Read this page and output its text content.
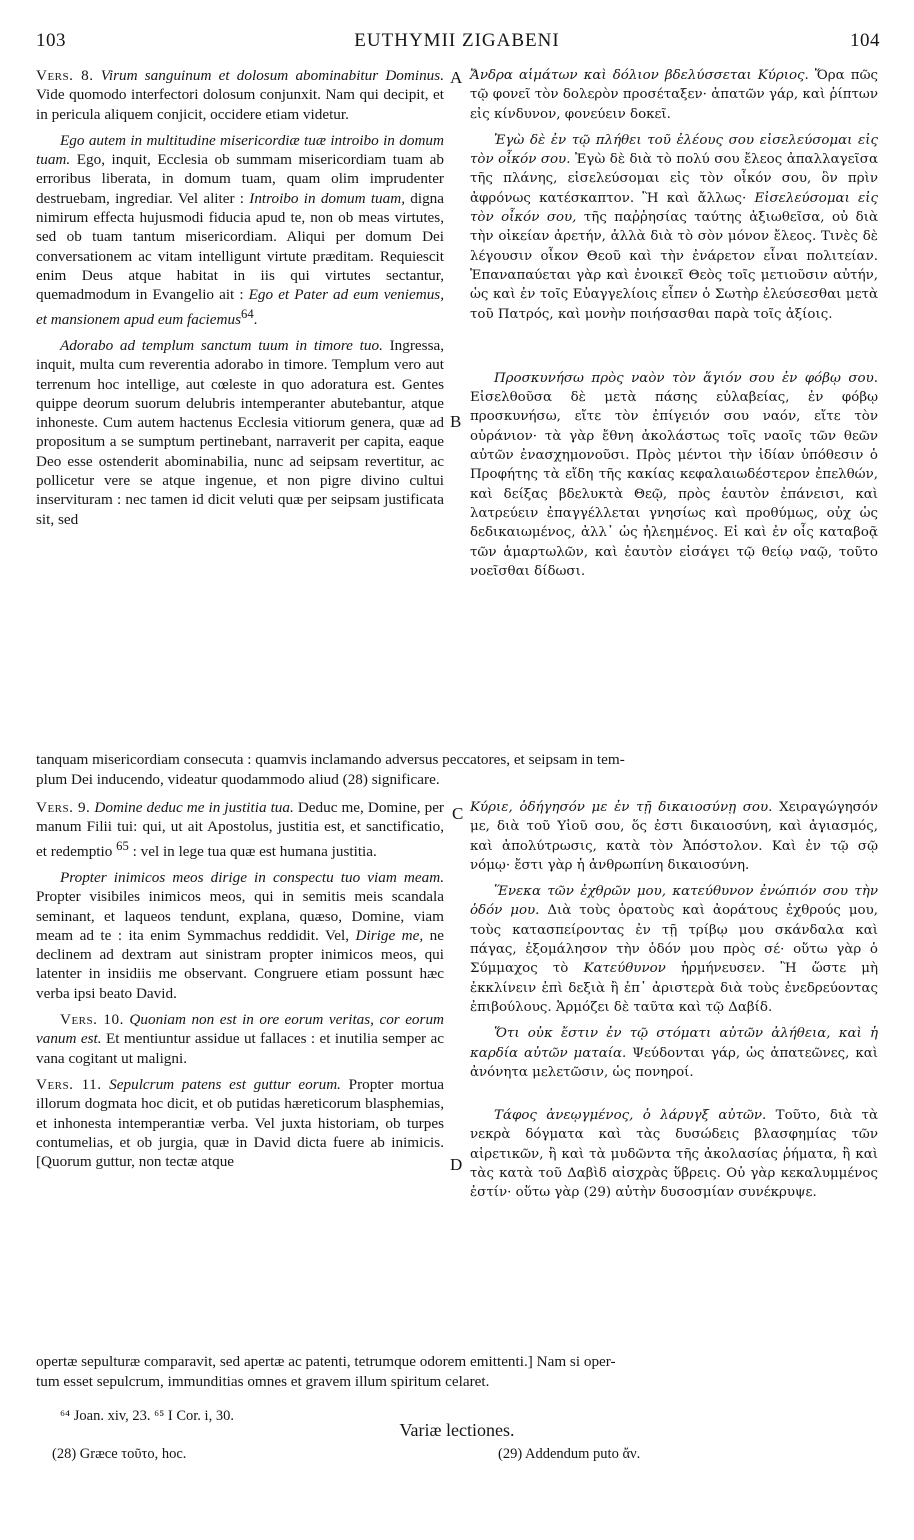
103	EUTHYMII ZIGABENI	104
A
B
C
D

Vers. 8. Virum sanguinum et dolosum abominabitur Dominus. Vide quomodo interfectori dolosum conjunxit. Nam qui decipit, et in pericula aliquem conjicit, occidere etiam videtur.

Ego autem in multitudine misericordiæ tuæ introibo in domum tuam. Ego, inquit, Ecclesia ob summam misericordiam tuam ab erroribus liberata, in domum tuam, quam olim imprudenter destruebam, ingrediar. Vel aliter : Introibo in domum tuam, digna nimirum effecta hujusmodi fiducia apud te, non ob meas virtutes, sed ob tuam tantum misericordiam. Aliqui per domum Dei conversationem ac vitam intelligunt virtute præditam. Requiescit enim Deus atque habitat in iis qui virtutes sectantur, quemadmodum in Evangelio ait : Ego et Pater ad eum veniemus, et mansionem apud eum faciemus$^{64}$.

Adorabo ad templum sanctum tuum in timore tuo. Ingressa, inquit, multa cum reverentia adorabo in timore. Templum vero aut terrenum hoc intellige, aut cœleste in quo adoratura est. Gentes quippe deorum suorum delubris intemperanter abutebantur, atque inhoneste. Cum autem hactenus Ecclesia vitiorum genera, quæ ad propositum a se sumptum pertinebant, narraverit per capita, eaque Deo esse ostenderit abominabilia, nunc ad seipsam revertitur, ac pollicetur vere se atque ingenue, et non pigre divino cultui inservituram : nec tamen id dicit veluti quæ per seipsam justificata sit, sed

Ἄνδρα αἱμάτων καὶ δόλιον βδελύσσεται Κύριος. Ὅρα πῶς τῷ φονεῖ τὸν δολερὸν προσέταξεν· ἀπατῶν γάρ, καὶ ῥίπτων εἰς κίνδυνον, φονεύειν δοκεῖ.

Ἐγὼ δὲ ἐν τῷ πλήθει τοῦ ἐλέους σου εἰσελεύσομαι εἰς τὸν οἶκόν σου. Ἐγὼ δὲ διὰ τὸ πολύ σου ἔλεος ἀπαλλαγεῖσα τῆς πλάνης, εἰσελεύσομαι εἰς τὸν οἶκόν σου, ὃν πρὶν ἀφρόνως κατέσκαπτον. Ἢ καὶ ἄλλως· Εἰσελεύσομαι εἰς τὸν οἶκόν σου, τῆς παῤῥησίας ταύτης ἀξιωθεῖσα, οὐ διὰ τὴν οἰκείαν ἀρετήν, ἀλλὰ διὰ τὸ σὸν μόνον ἔλεος. Τινὲς δὲ λέγουσιν οἶκον Θεοῦ καὶ τὴν ἐνάρετον εἶναι πολιτείαν. Ἐπαναπαύεται γὰρ καὶ ἐνοικεῖ Θεὸς τοῖς μετιοῦσιν αὐτήν, ὡς καὶ ἐν τοῖς Εὐαγγελίοις εἶπεν ὁ Σωτὴρ ἐλεύσεσθαι μετὰ τοῦ Πατρός, καὶ μονὴν ποιήσασθαι παρὰ τοῖς ἀξίοις.

Προσκυνήσω πρὸς ναὸν τὸν ἅγιόν σου ἐν φόβῳ σου. Εἰσελθοῦσα δὲ μετὰ πάσης εὐλαβείας, ἐν φόβῳ προσκυνήσω, εἴτε τὸν ἐπίγειόν σου ναόν, εἴτε τὸν οὐράνιον· τὰ γὰρ ἔθνη ἀκολάστως τοῖς ναοῖς τῶν θεῶν αὐτῶν ἐνασχημονοῦσι. Πρὸς μέντοι τὴν ἰδίαν ὑπόθεσιν ὁ Προφήτης τὰ εἴδη τῆς κακίας κεφαλαιωδέστερον ἐπελθών, καὶ δείξας βδελυκτὰ Θεῷ, πρὸς ἑαυτὸν ἐπάνεισι, καὶ λατρεύειν ἐπαγγέλλεται γνησίως καὶ προθύμως, οὐχ ὡς δεδικαιωμένος, ἀλλ᾽ ὡς ἠλεημένος. Εἰ καὶ ἐν οἷς καταβοᾷ τῶν ἁμαρτωλῶν, καὶ ἑαυτὸν εἰσάγει τῷ θείῳ ναῷ, τοῦτο νοεῖσθαι δίδωσι.

tanquam misericordiam consecuta : quamvis inclamando adversus peccatores, et seipsam in tem-
plum Dei inducendo, videatur quodammodo aliud (28) significare.

Vers. 9. Domine deduc me in justitia tua. Deduc me, Domine, per manum Filii tui: qui, ut ait Apostolus, justitia est, et sanctificatio, et redemptio $^{65}$ : vel in lege tua quæ est humana justitia.

Propter inimicos meos dirige in conspectu tuo viam meam. Propter visibiles inimicos meos, qui in semitis meis scandala seminant, et laqueos tendunt, explana, quæso, Domine, viam meam ad te : ita enim Symmachus reddidit. Vel, Dirige me, ne declinem ad dextram aut sinistram propter inimicos meos, qui latenter in insidiis me observant. Congruere etiam possunt hæc verba ipsi beato David.

Vers. 10. Quoniam non est in ore eorum veritas, cor eorum vanum est. Et mentiuntur assidue ut fallaces : et inutilia semper ac vana cogitant ut maligni.

Vers. 11. Sepulcrum patens est guttur eorum. Propter mortua illorum dogmata hoc dicit, et ob putidas hæreticorum blasphemias, et inhonesta intemperantiæ verba. Vel juxta historiam, ob turpes contumelias, et ob jurgia, quæ in David dicta fuere ab inimicis. [Quorum guttur, non tectæ atque

Κύριε, ὁδήγησόν με ἐν τῇ δικαιοσύνῃ σου. Χειραγώγησόν με, διὰ τοῦ Υἱοῦ σου, ὅς ἐστι δικαιοσύνη, καὶ ἁγιασμός, καὶ ἀπολύτρωσις, κατὰ τὸν Ἀπόστολον. Καὶ ἐν τῷ σῷ νόμῳ· ἔστι γὰρ ἡ ἀνθρωπίνη δικαιοσύνη.

Ἕνεκα τῶν ἐχθρῶν μου, κατεύθυνον ἐνώπιόν σου τὴν ὁδόν μου. Διὰ τοὺς ὁρατοὺς καὶ ἀοράτους ἐχθρούς μου, τοὺς κατασπείροντας ἐν τῇ τρίβῳ μου σκάνδαλα καὶ πάγας, ἐξομάλησον τὴν ὁδόν μου πρὸς σέ· οὕτω γὰρ ὁ Σύμμαχος τὸ Κατεύθυνον ἡρμήνευσεν. Ἢ ὥστε μὴ ἐκκλίνειν ἐπὶ δεξιὰ ἢ ἐπ᾽ ἀριστερὰ διὰ τοὺς ἐνεδρεύοντας ἐπιβούλους. Ἁρμόζει δὲ ταῦτα καὶ τῷ Δαβίδ.

Ὅτι οὐκ ἔστιν ἐν τῷ στόματι αὐτῶν ἀλήθεια, καὶ ἡ καρδία αὐτῶν ματαία. Ψεύδονται γάρ, ὡς ἀπατεῶνες, καὶ ἀνόνητα μελετῶσιν, ὡς πονηροί.

Τάφος ἀνεῳγμένος, ὁ λάρυγξ αὐτῶν. Τοῦτο, διὰ τὰ νεκρὰ δόγματα καὶ τὰς δυσώδεις βλασφημίας τῶν αἱρετικῶν, ἢ καὶ τὰ μυδῶντα τῆς ἀκολασίας ῥήματα, ἢ καὶ τὰς κατὰ τοῦ Δαβὶδ αἰσχρὰς ὕβρεις. Οὐ γὰρ κεκαλυμμένος ἐστίν· οὕτω γὰρ (29) αὐτὴν δυσοσμίαν συνέκρυψε.

opertæ sepulturæ comparavit, sed apertæ ac patenti, tetrumque odorem emittenti.] Nam si oper-
tum esset sepulcrum, immunditias omnes et gravem illum spiritum celaret.
⁶⁴ Joan. xiv, 23. ⁶⁵ I Cor. i, 30.
Variæ lectiones.
(28) Græce τοῦτο, hoc.	(29) Addendum puto ἄν.
